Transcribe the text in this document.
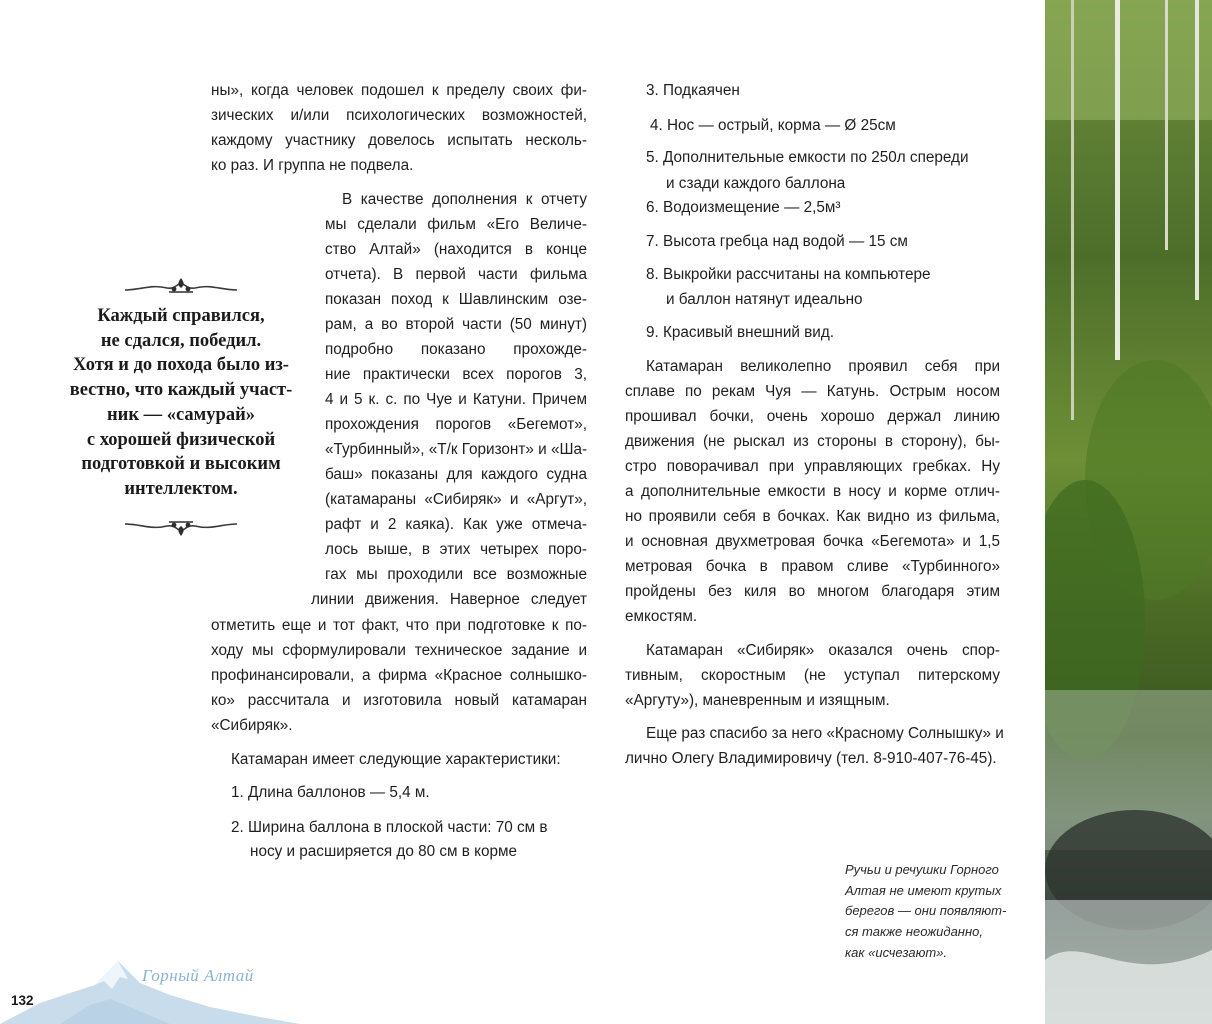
ны», когда человек подошел к пределу своих фи-
зических и/или психологических возможностей,
каждому участнику довелось испытать несколь-
ко раз. И группа не подвела.
В качестве дополнения к отчету
мы сделали фильм «Его Величе-
ство Алтай» (находится в конце
отчета). В первой части фильма
показан поход к Шавлинским озе-
рам, а во второй части (50 минут)
подробно показано прохожде-
ние практически всех порогов 3,
4 и 5 к. с. по Чуе и Катуни. Причем
прохождения порогов «Бегемот»,
«Турбинный», «Т/к Горизонт» и «Ша-
баш» показаны для каждого судна
(катамараны «Сибиряк» и «Аргут»,
рафт и 2 каяка). Как уже отмеча-
лось выше, в этих четырех поро-
гах мы проходили все возможные
линии движения. Наверное следует
отметить еще и тот факт, что при подготовке к по-
ходу мы сформулировали техническое задание и
профинансировали, а фирма «Красное солнышко-
ко» рассчитала и изготовила новый катамаран
«Сибиряк».
Катамаран имеет следующие характеристики:
1. Длина баллонов — 5,4 м.
2. Ширина баллона в плоской части: 70 см в
носу и расширяется до 80 см в корме
3. Подкаячен
4. Нос — острый, корма — Ø 25см
5. Дополнительные емкости по 250л спереди
и сзади каждого баллона
6. Водоизмещение — 2,5м³
7. Высота гребца над водой — 15 см
8. Выкройки рассчитаны на компьютере
и баллон натянут идеально
9. Красивый внешний вид.
Катамаран великолепно проявил себя при
сплаве по рекам Чуя — Катунь. Острым носом
прошивал бочки, очень хорошо держал линию
движения (не рыскал из стороны в сторону), бы-
стро поворачивал при управляющих гребках. Ну
а дополнительные емкости в носу и корме отлич-
но проявили себя в бочках. Как видно из фильма,
и основная двухметровая бочка «Бегемота» и 1,5
метровая бочка в правом сливе «Турбинного»
пройдены без киля во многом благодаря этим
емкостям.
Катамаран «Сибиряк» оказался очень спор-
тивным, скоростным (не уступал питерскому
«Аргуту»), маневренным и изящным.
Еще раз спасибо за него «Красному Солнышку» и
лично Олегу Владимировичу (тел. 8-910-407-76-45).
Каждый справился,
не сдался, победил.
Хотя и до похода было из-
вестно, что каждый участ-
ник — «самурай»
с хорошей физической
подготовкой и высоким
интеллектом.
Ручьи и речушки Горного
Алтая не имеют крутых
берегов — они появляют-
ся также неожиданно,
как «исчезают».
Горный Алтай
132
